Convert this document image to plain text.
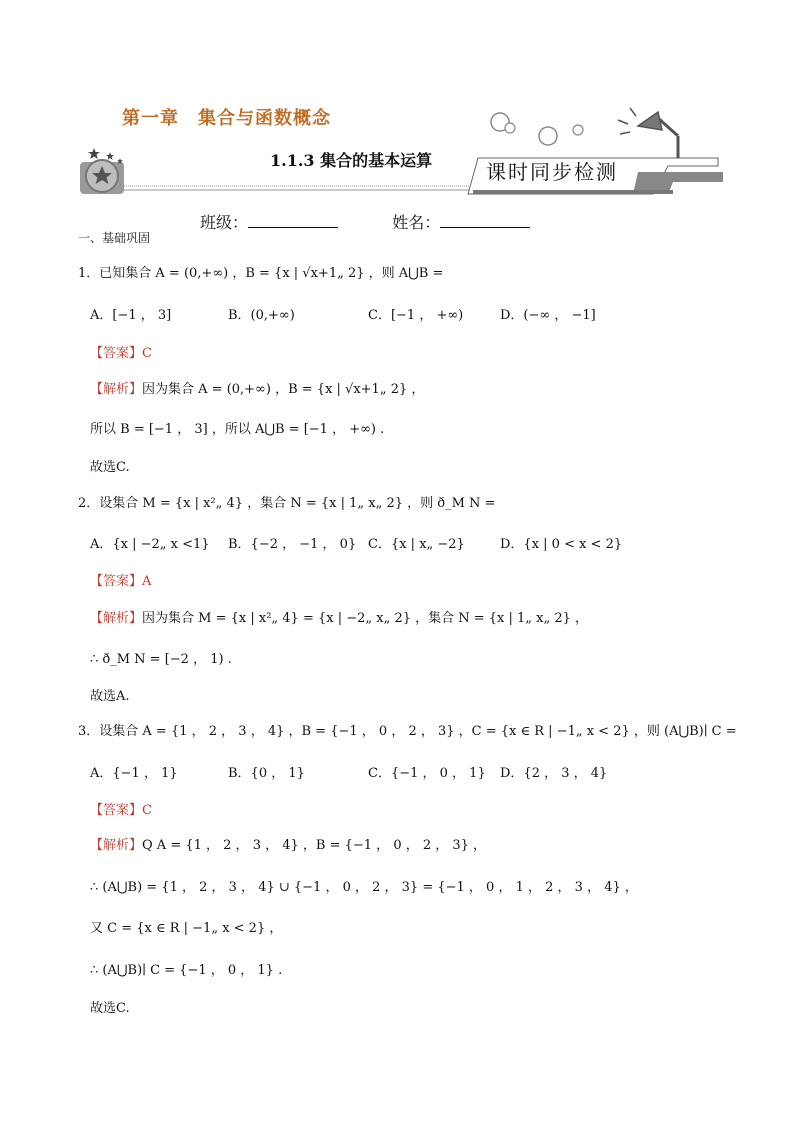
第一章　集合与函数概念
1.1.3 集合的基本运算	课时同步检测
班级：	姓名：
一、基础巩固
1．已知集合 A = (0,+∞) ，B = {x | √x+1„ 2} ，则 A⋃B =
A．[−1 ， 3]	B．(0,+∞)	C．[−1 ， +∞)	D．(−∞ ， −1]
【答案】C
【解析】因为集合 A = (0,+∞) ，B = {x | √x+1„ 2} ，
所以 B = [−1 ， 3] ，所以 A⋃B = [−1 ， +∞) .
故选C.
2．设集合 M = {x | x²„ 4} ，集合 N = {x | 1„ x„ 2} ，则 ð_M N =
A．{x | −2„ x <1} B．{−2 ， −1 ， 0} C．{x | x„ −2}	D．{x | 0 < x < 2}
【答案】A
【解析】因为集合 M = {x | x²„ 4} = {x | −2„ x„ 2} ，集合 N = {x | 1„ x„ 2} ，
∴ ð_M N = [−2 ， 1) .
故选A.
3．设集合 A = {1 ， 2 ， 3 ， 4} ，B = {−1 ， 0 ， 2 ， 3} ，C = {x ∈ R | −1„ x < 2} ，则 (A⋃B)∣ C =
A．{−1 ， 1}	B．{0 ， 1}	C．{−1 ， 0 ， 1} D．{2 ， 3 ， 4}
【答案】C
【解析】Q A = {1 ， 2 ， 3 ， 4} ，B = {−1 ， 0 ， 2 ， 3} ，
∴ (A⋃B) = {1 ， 2 ， 3 ， 4} ∪ {−1 ， 0 ， 2 ， 3} = {−1 ， 0 ， 1 ， 2 ， 3 ， 4} ，
又 C = {x ∈ R | −1„ x < 2} ，
∴ (A⋃B)∣ C = {−1 ， 0 ， 1} .
故选C.
